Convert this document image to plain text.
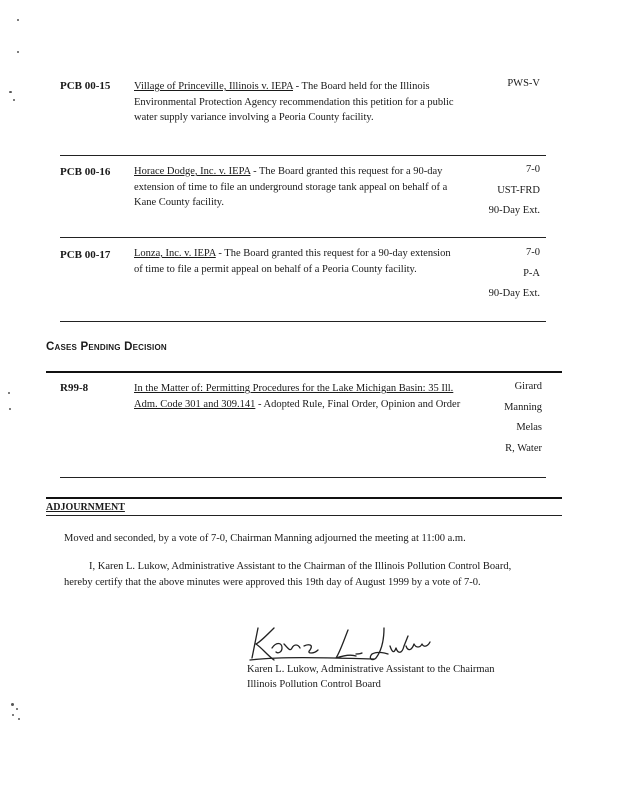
PCB 00-15 Village of Princeville, Illinois v. IEPA - The Board held for the Illinois Environmental Protection Agency recommendation this petition for a public water supply variance involving a Peoria County facility.
PWS-V
PCB 00-16 Horace Dodge, Inc. v. IEPA - The Board granted this request for a 90-day extension of time to file an underground storage tank appeal on behalf of a Kane County facility.
7-0
UST-FRD
90-Day Ext.
PCB 00-17 Lonza, Inc. v. IEPA - The Board granted this request for a 90-day extension of time to file a permit appeal on behalf of a Peoria County facility.
7-0
P-A
90-Day Ext.
Cases Pending Decision
R99-8	In the Matter of: Permitting Procedures for the Lake Michigan Basin: 35 Ill. Adm. Code 301 and 309.141 - Adopted Rule, Final Order, Opinion and Order
Girard
Manning
Melas
R, Water
ADJOURNMENT
Moved and seconded, by a vote of 7-0, Chairman Manning adjourned the meeting at 11:00 a.m.
I, Karen L. Lukow, Administrative Assistant to the Chairman of the Illinois Pollution Control Board, hereby certify that the above minutes were approved this 19th day of August 1999 by a vote of 7-0.
Karen L. Lukow, Administrative Assistant to the Chairman
Illinois Pollution Control Board
